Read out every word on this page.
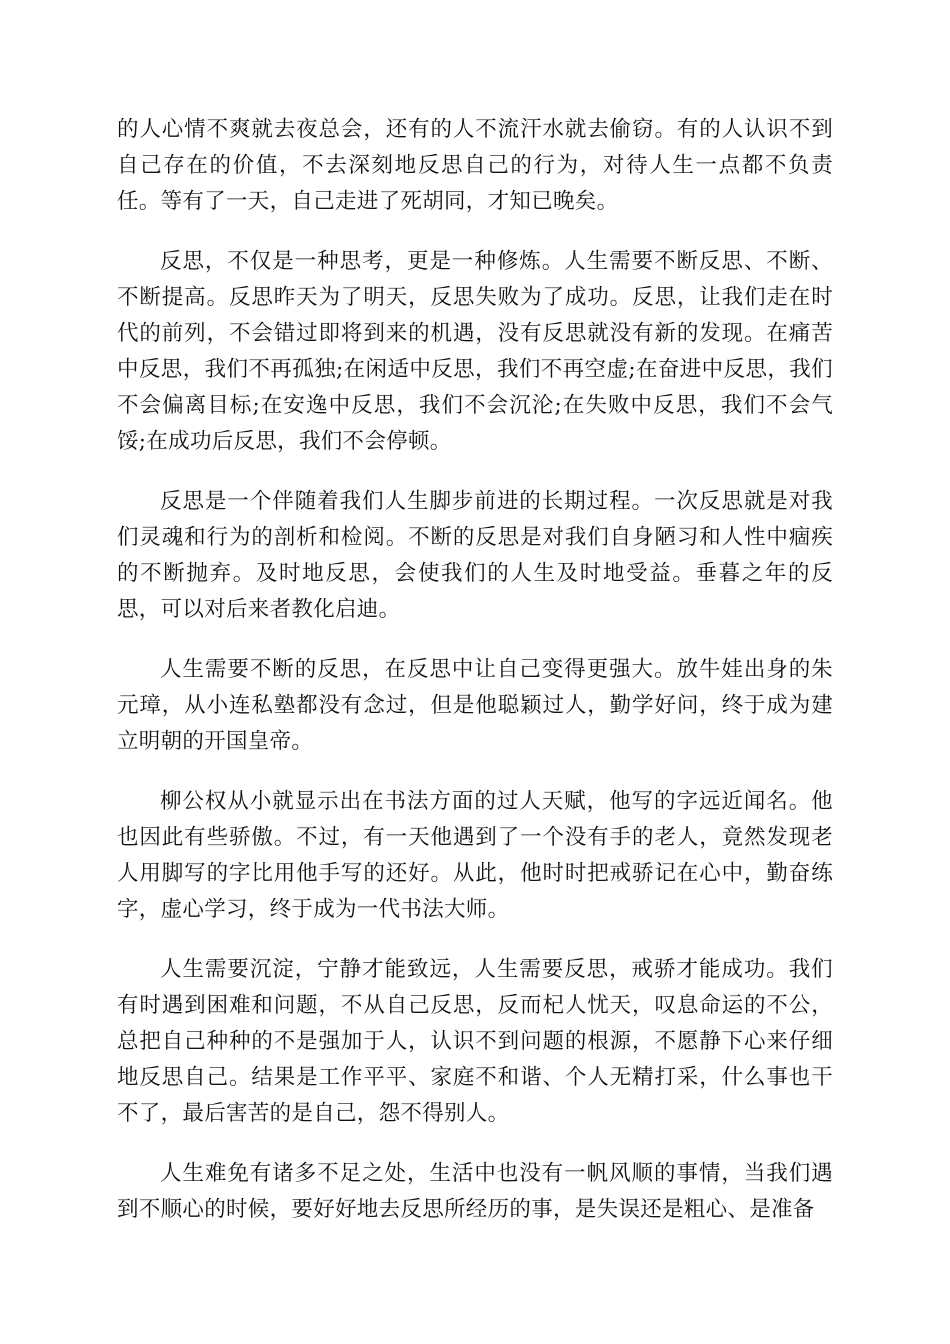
的人心情不爽就去夜总会，还有的人不流汗水就去偷窃。有的人认识不到自己存在的价值，不去深刻地反思自己的行为，对待人生一点都不负责任。等有了一天，自己走进了死胡同，才知已晚矣。

反思，不仅是一种思考，更是一种修炼。人生需要不断反思、不断、不断提高。反思昨天为了明天，反思失败为了成功。反思，让我们走在时代的前列，不会错过即将到来的机遇，没有反思就没有新的发现。在痛苦中反思，我们不再孤独;在闲适中反思，我们不再空虚;在奋进中反思，我们不会偏离目标;在安逸中反思，我们不会沉沦;在失败中反思，我们不会气馁;在成功后反思，我们不会停顿。

反思是一个伴随着我们人生脚步前进的长期过程。一次反思就是对我们灵魂和行为的剖析和检阅。不断的反思是对我们自身陋习和人性中痼疾的不断抛弃。及时地反思，会使我们的人生及时地受益。垂暮之年的反思，可以对后来者教化启迪。

人生需要不断的反思，在反思中让自己变得更强大。放牛娃出身的朱元璋，从小连私塾都没有念过，但是他聪颖过人，勤学好问，终于成为建立明朝的开国皇帝。

柳公权从小就显示出在书法方面的过人天赋，他写的字远近闻名。他也因此有些骄傲。不过，有一天他遇到了一个没有手的老人，竟然发现老人用脚写的字比用他手写的还好。从此，他时时把戒骄记在心中，勤奋练字，虚心学习，终于成为一代书法大师。

人生需要沉淀，宁静才能致远，人生需要反思，戒骄才能成功。我们有时遇到困难和问题，不从自己反思，反而杞人忧天，叹息命运的不公，总把自己种种的不是强加于人，认识不到问题的根源，不愿静下心来仔细地反思自己。结果是工作平平、家庭不和谐、个人无精打采，什么事也干不了，最后害苦的是自己，怨不得别人。

人生难免有诸多不足之处，生活中也没有一帆风顺的事情，当我们遇到不顺心的时候，要好好地去反思所经历的事，是失误还是粗心、是准备
